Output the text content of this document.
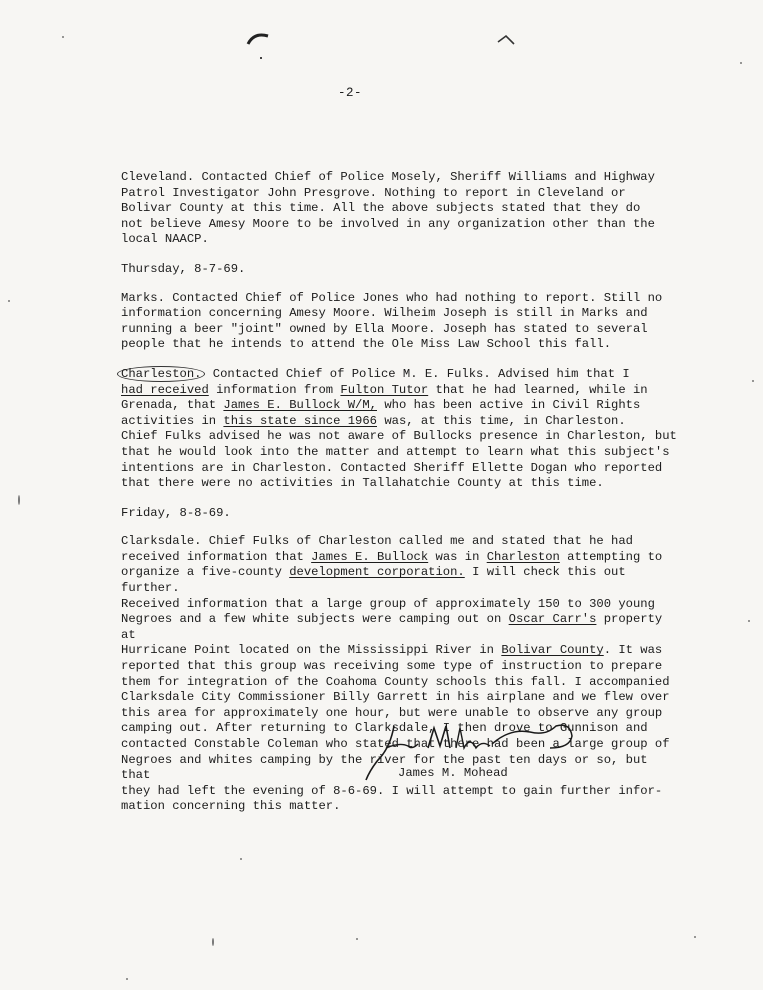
-2-

Cleveland. Contacted Chief of Police Mosely, Sheriff Williams and Highway
Patrol Investigator John Presgrove. Nothing to report in Cleveland or
Bolivar County at this time. All the above subjects stated that they do
not believe Amesy Moore to be involved in any organization other than the
local NAACP.

Thursday, 8-7-69.

Marks. Contacted Chief of Police Jones who had nothing to report. Still no
information concerning Amesy Moore. Wilheim Joseph is still in Marks and
running a beer "joint" owned by Ella Moore. Joseph has stated to several
people that he intends to attend the Ole Miss Law School this fall.

Charleston. Contacted Chief of Police M. E. Fulks. Advised him that I
had received information from Fulton Tutor that he had learned, while in
Grenada, that James E. Bullock W/M, who has been active in Civil Rights
activities in this state since 1966 was, at this time, in Charleston.
Chief Fulks advised he was not aware of Bullocks presence in Charleston, but
that he would look into the matter and attempt to learn what this subject's
intentions are in Charleston. Contacted Sheriff Ellette Dogan who reported
that there were no activities in Tallahatchie County at this time.

Friday, 8-8-69.

Clarksdale. Chief Fulks of Charleston called me and stated that he had
received information that James E. Bullock was in Charleston attempting to
organize a five-county development corporation. I will check this out further.
Received information that a large group of approximately 150 to 300 young
Negroes and a few white subjects were camping out on Oscar Carr's property at
Hurricane Point located on the Mississippi River in Bolivar County. It was
reported that this group was receiving some type of instruction to prepare
them for integration of the Coahoma County schools this fall. I accompanied
Clarksdale City Commissioner Billy Garrett in his airplane and we flew over
this area for approximately one hour, but were unable to observe any group
camping out. After returning to Clarksdale, I then drove to Gunnison and
contacted Constable Coleman who stated that there had been a large group of
Negroes and whites camping by the river for the past ten days or so, but that
they had left the evening of 8-6-69. I will attempt to gain further infor-
mation concerning this matter.

James M. Mohead
